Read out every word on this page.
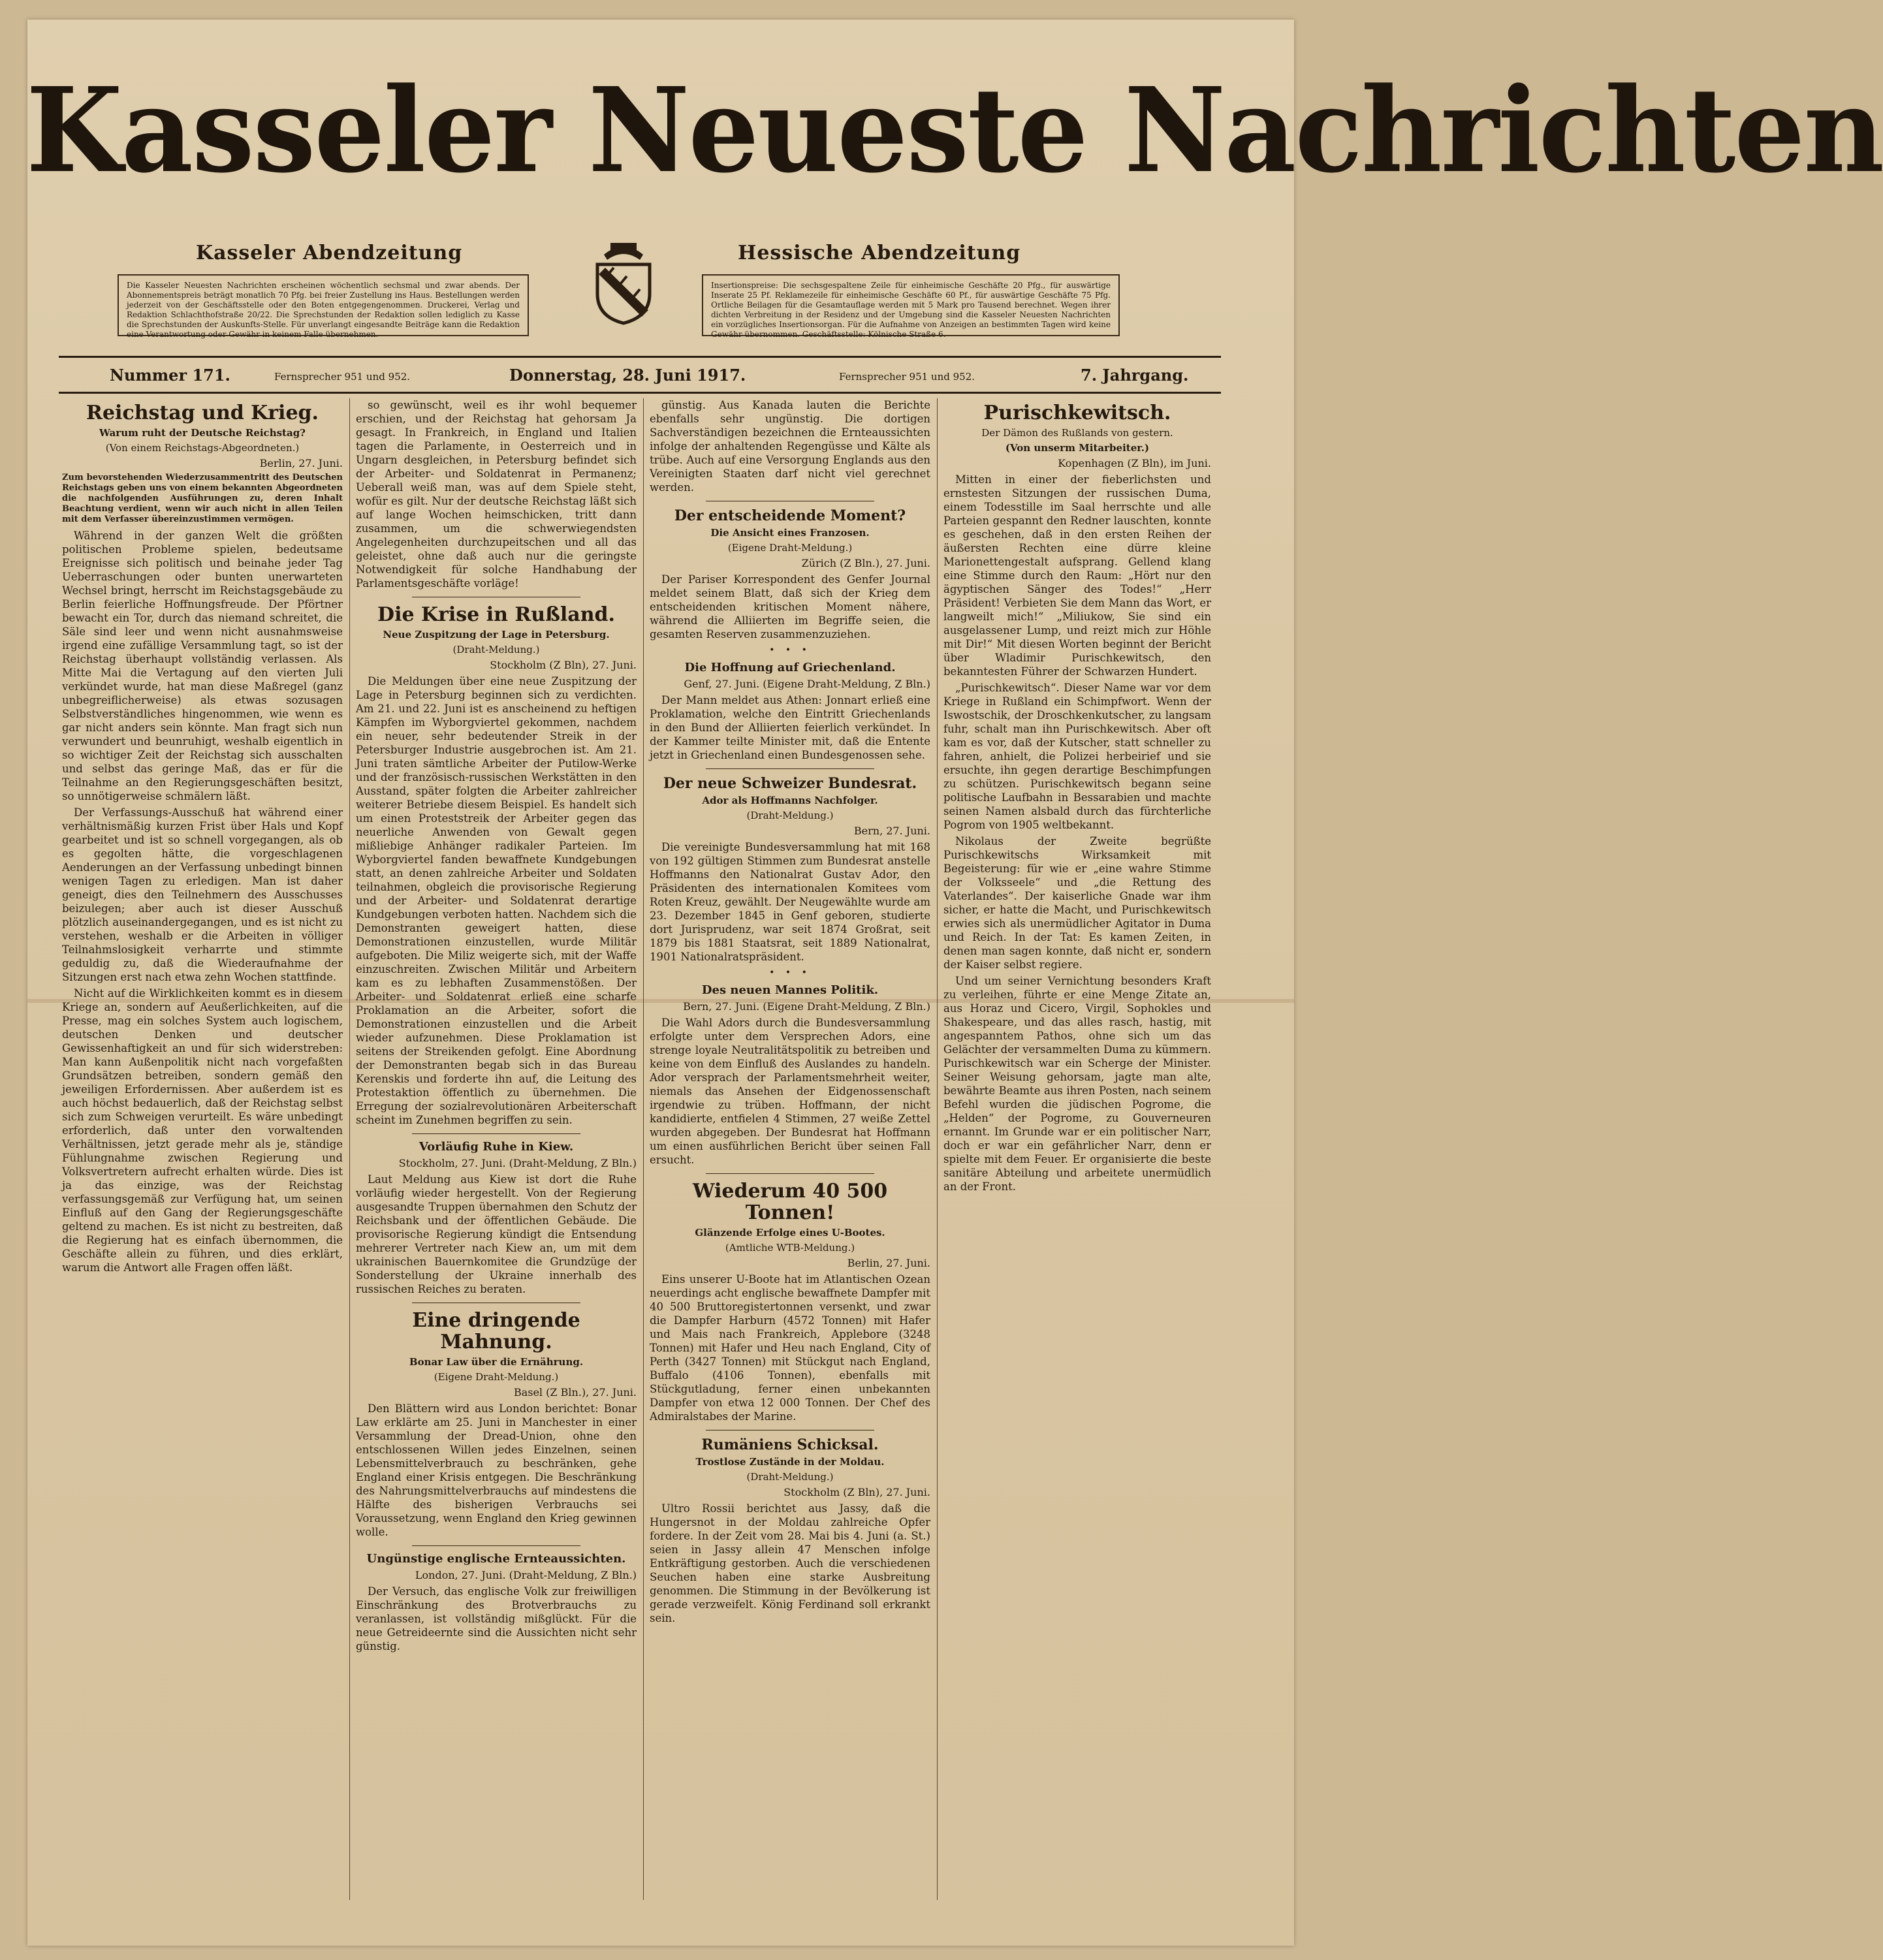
Kasseler Neueste Nachrichten
Kasseler Abendzeitung	Hessische Abendzeitung
Die Kasseler Neuesten Nachrichten erscheinen wöchentlich sechsmal und zwar abends. Der Abonnementspreis beträgt monatlich 70 Pfg. bei freier Zustellung ins Haus. Bestellungen werden jederzeit von der Geschäftsstelle oder den Boten entgegengenommen. Druckerei, Verlag und Redaktion Schlachthofstraße 20/22. Die Sprechstunden der Redaktion sollen lediglich zu Kasse die Sprechstunden der Auskunfts-Stelle. Für unverlangt eingesandte Beiträge kann die Redaktion eine Verantwortung oder Gewähr in keinem Falle übernehmen.
Insertionspreise: Die sechsgespaltene Zeile für einheimische Geschäfte 20 Pfg., für auswärtige Inserate 25 Pf. Reklamezeile für einheimische Geschäfte 60 Pf., für auswärtige Geschäfte 75 Pfg. Ortliche Beilagen für die Gesamtauflage werden mit 5 Mark pro Tausend berechnet. Wegen ihrer dichten Verbreitung in der Residenz und der Umgebung sind die Kasseler Neuesten Nachrichten ein vorzügliches Insertionsorgan. Für die Aufnahme von Anzeigen an bestimmten Tagen wird keine Gewähr übernommen. Geschäftsstelle: Kölnische Straße 6.
Nummer 171.	Fernsprecher 951 und 952.	Donnerstag, 28. Juni 1917.	Fernsprecher 951 und 952.	7. Jahrgang.
Reichstag und Krieg.
Warum ruht der Deutsche Reichstag?
(Von einem Reichstags-Abgeordneten.)
Berlin, 27. Juni.
Zum bevorstehenden Wiederzusammentritt des Deutschen Reichstags geben uns von einem bekannten Abgeordneten die nachfolgenden Ausführungen zu, deren Inhalt Beachtung verdient, wenn wir auch nicht in allen Teilen mit dem Verfasser übereinzustimmen vermögen.

Während in der ganzen Welt die größten politischen Probleme spielen, bedeutsame Ereignisse sich politisch und beinahe jeder Tag Ueberraschungen oder bunten unerwarteten Wechsel bringt, herrscht im Reichstagsgebäude zu Berlin feierliche Hoffnungsfreude. Der Pförtner bewacht ein Tor, durch das niemand schreitet, die Säle sind leer und wenn nicht ausnahmsweise irgend eine zufällige Versammlung tagt, so ist der Reichstag überhaupt vollständig verlassen. Als Mitte Mai die Vertagung auf den vierten Juli verkündet wurde, hat man diese Maßregel (ganz unbegreiflicherweise) als etwas sozusagen Selbstverständliches hingenommen, wie wenn es gar nicht anders sein könnte. Man fragt sich nun verwundert und beunruhigt, weshalb eigentlich in so wichtiger Zeit der Reichstag sich ausschalten und selbst das geringe Maß, das er für die Teilnahme an den Regierungsgeschäften besitzt, so unnötigerweise schmälern läßt.

Der Verfassungs-Ausschuß hat während einer verhältnismäßig kurzen Frist über Hals und Kopf gearbeitet und ist so schnell vorgegangen, als ob es gegolten hätte, die vorgeschlagenen Aenderungen an der Verfassung unbedingt binnen wenigen Tagen zu erledigen. Man ist daher geneigt, dies den Teilnehmern des Ausschusses beizulegen; aber auch ist dieser Ausschuß plötzlich auseinandergegangen, und es ist nicht zu verstehen, weshalb er die Arbeiten in völliger Teilnahmslosigkeit verharrte und stimmte geduldig zu, daß die Wiederaufnahme der Sitzungen erst nach etwa zehn Wochen stattfinde.

Nicht auf die Wirklichkeiten kommt es in diesem Kriege an, sondern auf Aeußerlichkeiten, auf die Presse, mag ein solches System auch logischem, deutschen Denken und deutscher Gewissenhaftigkeit an und für sich widerstreben: Man kann Außenpolitik nicht nach vorgefaßten Grundsätzen betreiben, sondern gemäß den jeweiligen Erfordernissen. Aber außerdem ist es auch höchst bedauerlich, daß der Reichstag selbst sich zum Schweigen verurteilt. Es wäre unbedingt erforderlich, daß unter den vorwaltenden Verhältnissen, jetzt gerade mehr als je, ständige Fühlungnahme zwischen Regierung und Volksvertretern aufrecht erhalten würde. Dies ist ja das einzige, was der Reichstag verfassungsgemäß zur Verfügung hat, um seinen Einfluß auf den Gang der Regierungsgeschäfte geltend zu machen. Es ist nicht zu bestreiten, daß die Regierung hat es einfach übernommen, die Geschäfte allein zu führen, und dies erklärt, warum die Antwort alle Fragen offen läßt.

so gewünscht, weil es ihr wohl bequemer erschien, und der Reichstag hat gehorsam Ja gesagt. In Frankreich, in England und Italien tagen die Parlamente, in Oesterreich und in Ungarn desgleichen, in Petersburg befindet sich der Arbeiter- und Soldatenrat in Permanenz; Ueberall weiß man, was auf dem Spiele steht, wofür es gilt. Nur der deutsche Reichstag läßt sich auf lange Wochen heimschicken, tritt dann zusammen, um die schwerwiegendsten Angelegenheiten durchzupeitschen und all das geleistet, ohne daß auch nur die geringste Notwendigkeit für solche Handhabung der Parlamentsgeschäfte vorläge!

Die Krise in Rußland.
Neue Zuspitzung der Lage in Petersburg.
(Draht-Meldung.)
Stockholm (Z Bln), 27. Juni.

Die Meldungen über eine neue Zuspitzung der Lage in Petersburg beginnen sich zu verdichten. Am 21. und 22. Juni ist es anscheinend zu heftigen Kämpfen im Wyborgviertel gekommen, nachdem ein neuer, sehr bedeutender Streik in der Petersburger Industrie ausgebrochen ist. Am 21. Juni traten sämtliche Arbeiter der Putilow-Werke und der französisch-russischen Werkstätten in den Ausstand, später folgten die Arbeiter zahlreicher weiterer Betriebe diesem Beispiel. Es handelt sich um einen Proteststreik der Arbeiter gegen das neuerliche Anwenden von Gewalt gegen mißliebige Anhänger radikaler Parteien. Im Wyborgviertel fanden bewaffnete Kundgebungen statt, an denen zahlreiche Arbeiter und Soldaten teilnahmen, obgleich die provisorische Regierung und der Arbeiter- und Soldatenrat derartige Kundgebungen verboten hatten. Nachdem sich die Demonstranten geweigert hatten, diese Demonstrationen einzustellen, wurde Militär aufgeboten. Die Miliz weigerte sich, mit der Waffe einzuschreiten. Zwischen Militär und Arbeitern kam es zu lebhaften Zusammenstößen. Der Arbeiter- und Soldatenrat erließ eine scharfe Proklamation an die Arbeiter, sofort die Demonstrationen einzustellen und die Arbeit wieder aufzunehmen. Diese Proklamation ist seitens der Streikenden gefolgt. Eine Abordnung der Demonstranten begab sich in das Bureau Kerenskis und forderte ihn auf, die Leitung des Protestaktion öffentlich zu übernehmen. Die Erregung der sozialrevolutionären Arbeiterschaft scheint im Zunehmen begriffen zu sein.

Vorläufig Ruhe in Kiew.
Stockholm, 27. Juni. (Draht-Meldung, Z Bln.)

Laut Meldung aus Kiew ist dort die Ruhe vorläufig wieder hergestellt. Von der Regierung ausgesandte Truppen übernahmen den Schutz der Reichsbank und der öffentlichen Gebäude. Die provisorische Regierung kündigt die Entsendung mehrerer Vertreter nach Kiew an, um mit dem ukrainischen Bauernkomitee die Grundzüge der Sonderstellung der Ukraine innerhalb des russischen Reiches zu beraten.

Eine dringende Mahnung.
Bonar Law über die Ernährung.
(Eigene Draht-Meldung.)
Basel (Z Bln.), 27. Juni.

Den Blättern wird aus London berichtet: Bonar Law erklärte am 25. Juni in Manchester in einer Versammlung der Dread-Union, ohne den entschlossenen Willen jedes Einzelnen, seinen Lebensmittelverbrauch zu beschränken, gehe England einer Krisis entgegen. Die Beschränkung des Nahrungsmittelverbrauchs auf mindestens die Hälfte des bisherigen Verbrauchs sei Voraussetzung, wenn England den Krieg gewinnen wolle.

Ungünstige englische Ernteaussichten.
London, 27. Juni. (Draht-Meldung, Z Bln.)

Der Versuch, das englische Volk zur freiwilligen Einschränkung des Brotverbrauchs zu veranlassen, ist vollständig mißglückt. Für die neue Getreideernte sind die Aussichten nicht sehr günstig.

günstig. Aus Kanada lauten die Berichte ebenfalls sehr ungünstig. Die dortigen Sachverständigen bezeichnen die Ernteaussichten infolge der anhaltenden Regengüsse und Kälte als trübe. Auch auf eine Versorgung Englands aus den Vereinigten Staaten darf nicht viel gerechnet werden.

Der entscheidende Moment?
Die Ansicht eines Franzosen.
(Eigene Draht-Meldung.)
Zürich (Z Bln.), 27. Juni.

Der Pariser Korrespondent des Genfer Journal meldet seinem Blatt, daß sich der Krieg dem entscheidenden kritischen Moment nähere, während die Alliierten im Begriffe seien, die gesamten Reserven zusammenzuziehen.

• • •
Die Hoffnung auf Griechenland.
Genf, 27. Juni. (Eigene Draht-Meldung, Z Bln.)

Der Mann meldet aus Athen: Jonnart erließ eine Proklamation, welche den Eintritt Griechenlands in den Bund der Alliierten feierlich verkündet. In der Kammer teilte Minister mit, daß die Entente jetzt in Griechenland einen Bundesgenossen sehe.

Der neue Schweizer Bundesrat.
Ador als Hoffmanns Nachfolger.
(Draht-Meldung.)
Bern, 27. Juni.

Die vereinigte Bundesversammlung hat mit 168 von 192 gültigen Stimmen zum Bundesrat anstelle Hoffmanns den Nationalrat Gustav Ador, den Präsidenten des internationalen Komitees vom Roten Kreuz, gewählt. Der Neugewählte wurde am 23. Dezember 1845 in Genf geboren, studierte dort Jurisprudenz, war seit 1874 Großrat, seit 1879 bis 1881 Staatsrat, seit 1889 Nationalrat, 1901 Nationalratspräsident.

• • •
Des neuen Mannes Politik.
Bern, 27. Juni. (Eigene Draht-Meldung, Z Bln.)

Die Wahl Adors durch die Bundesversammlung erfolgte unter dem Versprechen Adors, eine strenge loyale Neutralitätspolitik zu betreiben und keine von dem Einfluß des Auslandes zu handeln. Ador versprach der Parlamentsmehrheit weiter, niemals das Ansehen der Eidgenossenschaft irgendwie zu trüben. Hoffmann, der nicht kandidierte, entfielen 4 Stimmen, 27 weiße Zettel wurden abgegeben. Der Bundesrat hat Hoffmann um einen ausführlichen Bericht über seinen Fall ersucht.

Wiederum 40 500 Tonnen!
Glänzende Erfolge eines U-Bootes.
(Amtliche WTB-Meldung.)
Berlin, 27. Juni.

Eins unserer U-Boote hat im Atlantischen Ozean neuerdings acht englische bewaffnete Dampfer mit 40 500 Bruttoregistertonnen versenkt, und zwar die Dampfer Harburn (4572 Tonnen) mit Hafer und Mais nach Frankreich, Applebore (3248 Tonnen) mit Hafer und Heu nach England, City of Perth (3427 Tonnen) mit Stückgut nach England, Buffalo (4106 Tonnen), ebenfalls mit Stückgutladung, ferner einen unbekannten Dampfer von etwa 12 000 Tonnen. Der Chef des Admiralstabes der Marine.

Rumäniens Schicksal.
Trostlose Zustände in der Moldau.
(Draht-Meldung.)
Stockholm (Z Bln), 27. Juni.

Ultro Rossii berichtet aus Jassy, daß die Hungersnot in der Moldau zahlreiche Opfer fordere. In der Zeit vom 28. Mai bis 4. Juni (a. St.) seien in Jassy allein 47 Menschen infolge Entkräftigung gestorben. Auch die verschiedenen Seuchen haben eine starke Ausbreitung genommen. Die Stimmung in der Bevölkerung ist gerade verzweifelt. König Ferdinand soll erkrankt sein.

Purischkewitsch.
Der Dämon des Rußlands von gestern.
(Von unserm Mitarbeiter.)
Kopenhagen (Z Bln), im Juni.

Mitten in einer der fieberlichsten und ernstesten Sitzungen der russischen Duma, einem Todesstille im Saal herrschte und alle Parteien gespannt den Redner lauschten, konnte es geschehen, daß in den ersten Reihen der äußersten Rechten eine dürre kleine Marionettengestalt aufsprang. Gellend klang eine Stimme durch den Raum: „Hört nur den ägyptischen Sänger des Todes!“ „Herr Präsident! Verbieten Sie dem Mann das Wort, er langweilt mich!“ „Miliukow, Sie sind ein ausgelassener Lump, und reizt mich zur Höhle mit Dir!“ Mit diesen Worten beginnt der Bericht über Wladimir Purischkewitsch, den bekanntesten Führer der Schwarzen Hundert.

„Purischkewitsch“. Dieser Name war vor dem Kriege in Rußland ein Schimpfwort. Wenn der Iswostschik, der Droschkenkutscher, zu langsam fuhr, schalt man ihn Purischkewitsch. Aber oft kam es vor, daß der Kutscher, statt schneller zu fahren, anhielt, die Polizei herbeirief und sie ersuchte, ihn gegen derartige Beschimpfungen zu schützen. Purischkewitsch begann seine politische Laufbahn in Bessarabien und machte seinen Namen alsbald durch das fürchterliche Pogrom von 1905 weltbekannt.

Nikolaus der Zweite begrüßte Purischkewitschs Wirksamkeit mit Begeisterung: für wie er „eine wahre Stimme der Volksseele“ und „die Rettung des Vaterlandes“. Der kaiserliche Gnade war ihm sicher, er hatte die Macht, und Purischkewitsch erwies sich als unermüdlicher Agitator in Duma und Reich. In der Tat: Es kamen Zeiten, in denen man sagen konnte, daß nicht er, sondern der Kaiser selbst regiere.

Und um seiner Vernichtung besonders Kraft zu verleihen, führte er eine Menge Zitate an, aus Horaz und Cicero, Virgil, Sophokles und Shakespeare, und das alles rasch, hastig, mit angespanntem Pathos, ohne sich um das Gelächter der versammelten Duma zu kümmern. Purischkewitsch war ein Scherge der Minister. Seiner Weisung gehorsam, jagte man alte, bewährte Beamte aus ihren Posten, nach seinem Befehl wurden die jüdischen Pogrome, die „Helden“ der Pogrome, zu Gouverneuren ernannt. Im Grunde war er ein politischer Narr, doch er war ein gefährlicher Narr, denn er spielte mit dem Feuer. Er organisierte die beste sanitäre Abteilung und arbeitete unermüdlich an der Front.
